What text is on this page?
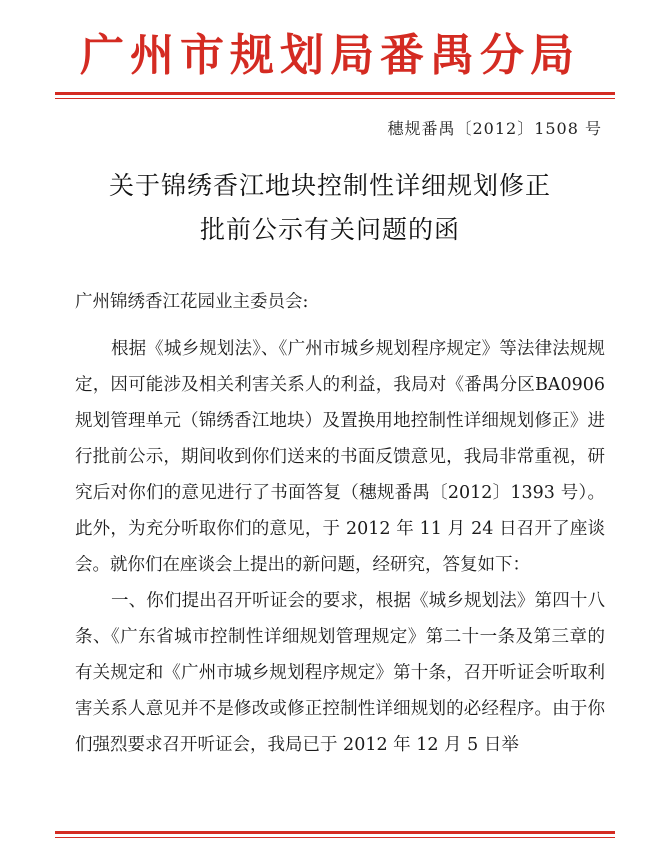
广州市规划局番禺分局
穗规番禺〔2012〕1508 号
关于锦绣香江地块控制性详细规划修正
批前公示有关问题的函

广州锦绣香江花园业主委员会:

根据《城乡规划法》、《广州市城乡规划程序规定》等法律法规规定，因可能涉及相关利害关系人的利益，我局对《番禺分区BA0906规划管理单元（锦绣香江地块）及置换用地控制性详细规划修正》进行批前公示，期间收到你们送来的书面反馈意见，我局非常重视，研究后对你们的意见进行了书面答复（穗规番禺〔2012〕1393 号）。此外，为充分听取你们的意见，于 2012 年 11 月 24 日召开了座谈会。就你们在座谈会上提出的新问题，经研究，答复如下：

一、你们提出召开听证会的要求，根据《城乡规划法》第四十八条、《广东省城市控制性详细规划管理规定》第二十一条及第三章的有关规定和《广州市城乡规划程序规定》第十条，召开听证会听取利害关系人意见并不是修改或修正控制性详细规划的必经程序。由于你们强烈要求召开听证会，我局已于 2012 年 12 月 5 日举
